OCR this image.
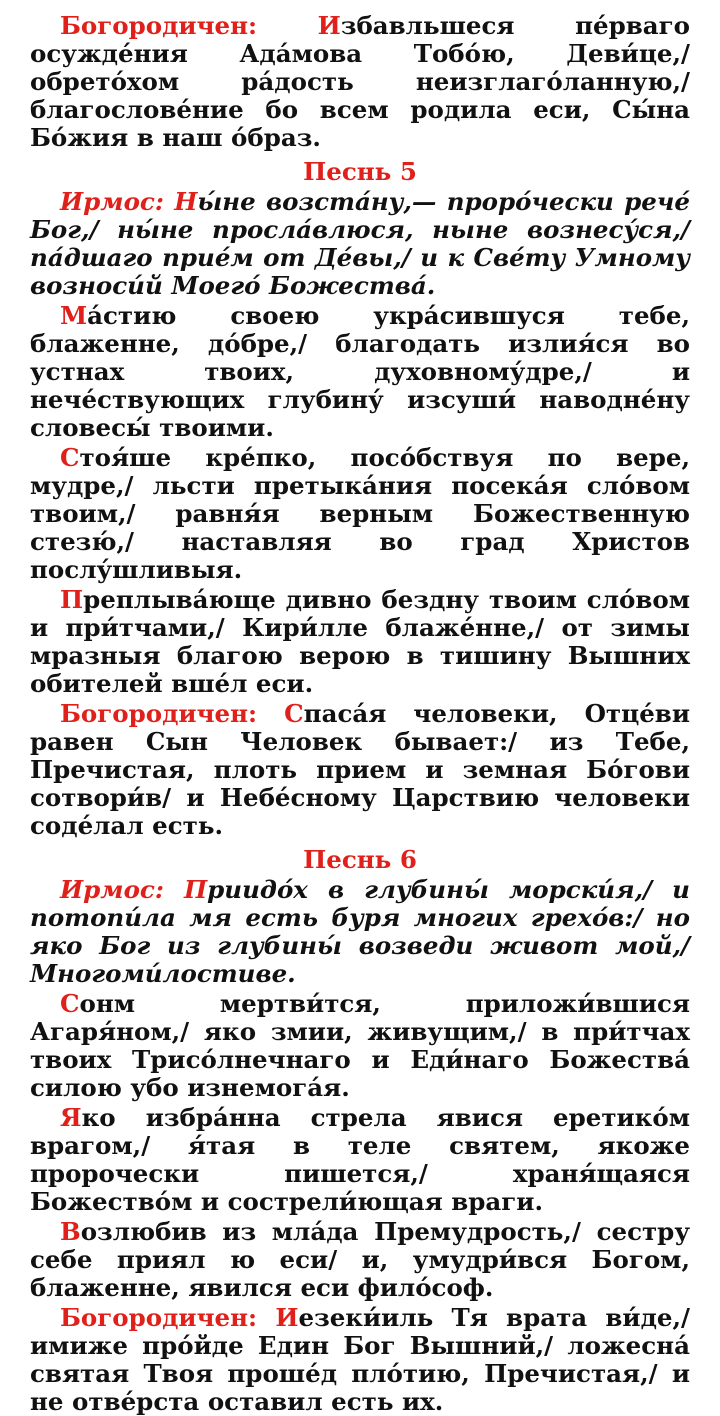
Богородичен: Избавльшеся пе́рваго осужде́ния Ада́мова Тобо́ю, Деви́це,/ обрето́хом ра́дость неизглаго́ланную,/ благослове́ние бо всем родила еси, Сы́на Бо́жия в наш о́браз.

Песнь 5

Ирмос: Ны́не возста́ну,— проро́чески рече́ Бог,/ ны́не просла́влюся, ныне вознесу́ся,/ па́дшаго прие́м от Де́вы,/ и к Све́ту Умному возноси́й Моего́ Божества́.

Ма́стию своею укра́сившуся тебе, блаженне, до́бре,/ благодать излия́ся во устнах твоих, духовному́дре,/ и нече́ствующих глубину́ изсуши́ наводне́ну словесы́ твоими.

Стоя́ше кре́пко, посо́бствуя по вере, мудре,/ льсти претыка́ния посека́я сло́вом твоим,/ равня́я верным Божественную стезю́,/ наставляя во град Христов послу́шливыя.

Преплыва́юще дивно бездну твоим сло́вом и при́тчами,/ Кири́лле блаже́нне,/ от зимы мразныя благою верою в тишину Вышних обителей вше́л еси.

Богородичен: Спаса́я человеки, Отце́ви равен Сын Человек бывает:/ из Тебе, Пречистая, плоть прием и земная Бо́гови сотвори́в/ и Небе́сному Царствию человеки соде́лал есть.

Песнь 6

Ирмос: Приидо́х в глубины́ морски́я,/ и потопи́ла мя есть буря многих грехо́в:/ но яко Бог из глубины́ возведи живот мой,/ Многоми́лостиве.

Сонм мертви́тся, приложи́вшися Агаря́ном,/ яко змии, живущим,/ в при́тчах твоих Трисо́лнечнаго и Еди́наго Божества́ силою убо изнемога́я.

Яко избра́нна стрела явися еретико́м врагом,/ я́тая в теле святем, якоже пророчески пишется,/ храня́щаяся Божество́м и сострели́ющая враги.

Возлюбив из мла́да Премудрость,/ сестру себе приял ю еси/ и, умудри́вся Богом, блаженне, явился еси фило́соф.

Богородичен: Иезеки́иль Тя врата ви́де,/ имиже про́йде Един Бог Вышний,/ ложесна́ святая Твоя проше́д пло́тию, Пречистая,/ и не отве́рста оставил есть их.
